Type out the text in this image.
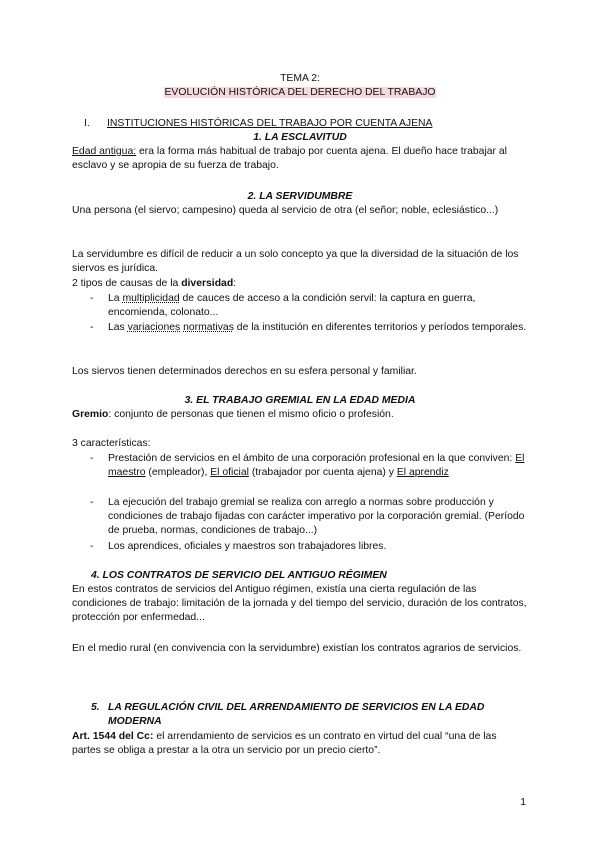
TEMA 2:
EVOLUCIÓN HISTÓRICA DEL DERECHO DEL TRABAJO
I. INSTITUCIONES HISTÓRICAS DEL TRABAJO POR CUENTA AJENA
1. LA ESCLAVITUD
Edad antigua: era la forma más habitual de trabajo por cuenta ajena. El dueño hace trabajar al esclavo y se apropia de su fuerza de trabajo.
2. LA SERVIDUMBRE
Una persona (el siervo; campesino) queda al servicio de otra (el señor; noble, eclesiástico...)
La servidumbre es difícil de reducir a un solo concepto ya que la diversidad de la situación de los siervos es jurídica.
2 tipos de causas de la diversidad:
- La multiplicidad de cauces de acceso a la condición servil: la captura en guerra, encomienda, colonato...
- Las variaciones normativas de la institución en diferentes territorios y períodos temporales.
Los siervos tienen determinados derechos en su esfera personal y familiar.
3. EL TRABAJO GREMIAL EN LA EDAD MEDIA
Gremio: conjunto de personas que tienen el mismo oficio o profesión.
3 características:
- Prestación de servicios en el ámbito de una corporación profesional en la que conviven: El maestro (empleador), El oficial (trabajador por cuenta ajena) y El aprendiz
- La ejecución del trabajo gremial se realiza con arreglo a normas sobre producción y condiciones de trabajo fijadas con carácter imperativo por la corporación gremial. (Período de prueba, normas, condiciones de trabajo...)
- Los aprendices, oficiales y maestros son trabajadores libres.
4. LOS CONTRATOS DE SERVICIO DEL ANTIGUO RÉGIMEN
En estos contratos de servicios del Antiguo régimen, existía una cierta regulación de las condiciones de trabajo: limitación de la jornada y del tiempo del servicio, duración de los contratos, protección por enfermedad...
En el medio rural (en convivencia con la servidumbre) existían los contratos agrarios de servicios.
5. LA REGULACIÓN CIVIL DEL ARRENDAMIENTO DE SERVICIOS EN LA EDAD
MODERNA
Art. 1544 del Cc: el arrendamiento de servicios es un contrato en virtud del cual “una de las partes se obliga a prestar a la otra un servicio por un precio cierto”.
1
